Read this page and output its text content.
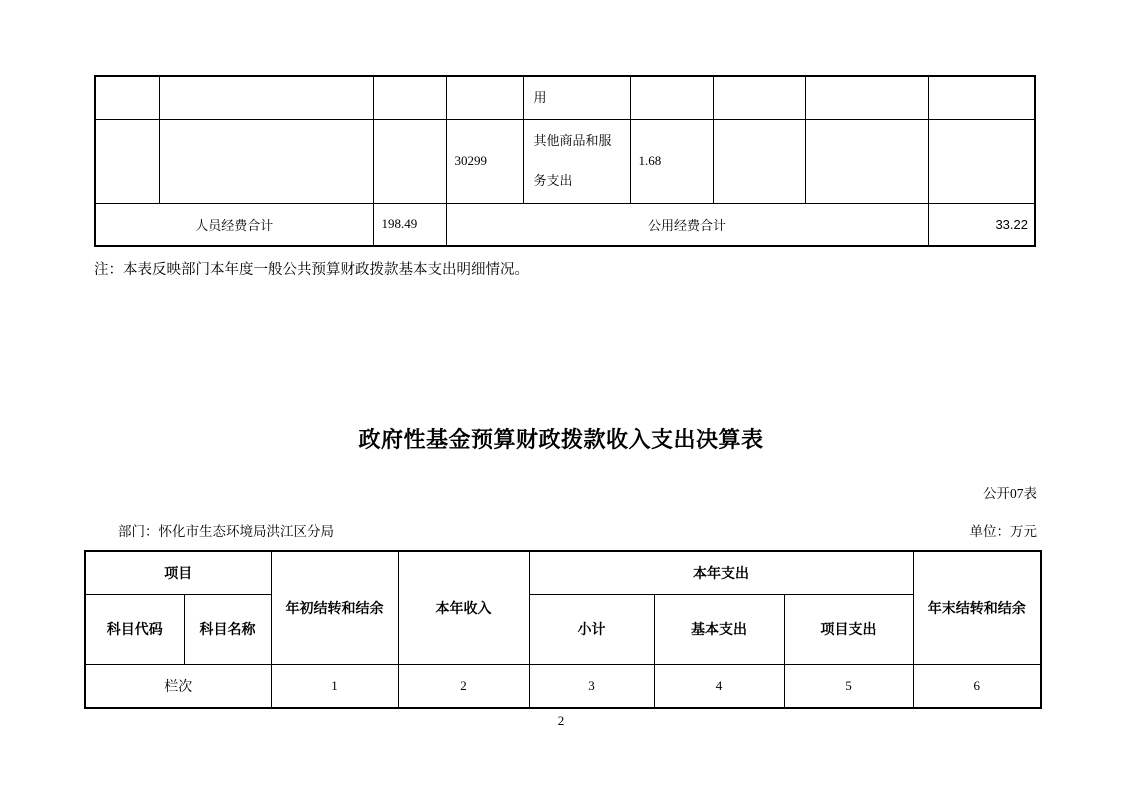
				用				
			30299	其他商品和服务支出	1.68			
人员经费合计		198.49	公用经费合计					33.22
注：本表反映部门本年度一般公共预算财政拨款基本支出明细情况。
政府性基金预算财政拨款收入支出决算表
公开07表
部门：怀化市生态环境局洪江区分局	单位：万元
项目		年初结转和结余	本年收入	本年支出			年末结转和结余
科目代码	科目名称			小计	基本支出	项目支出	
栏次		1	2	3	4	5	6
2
